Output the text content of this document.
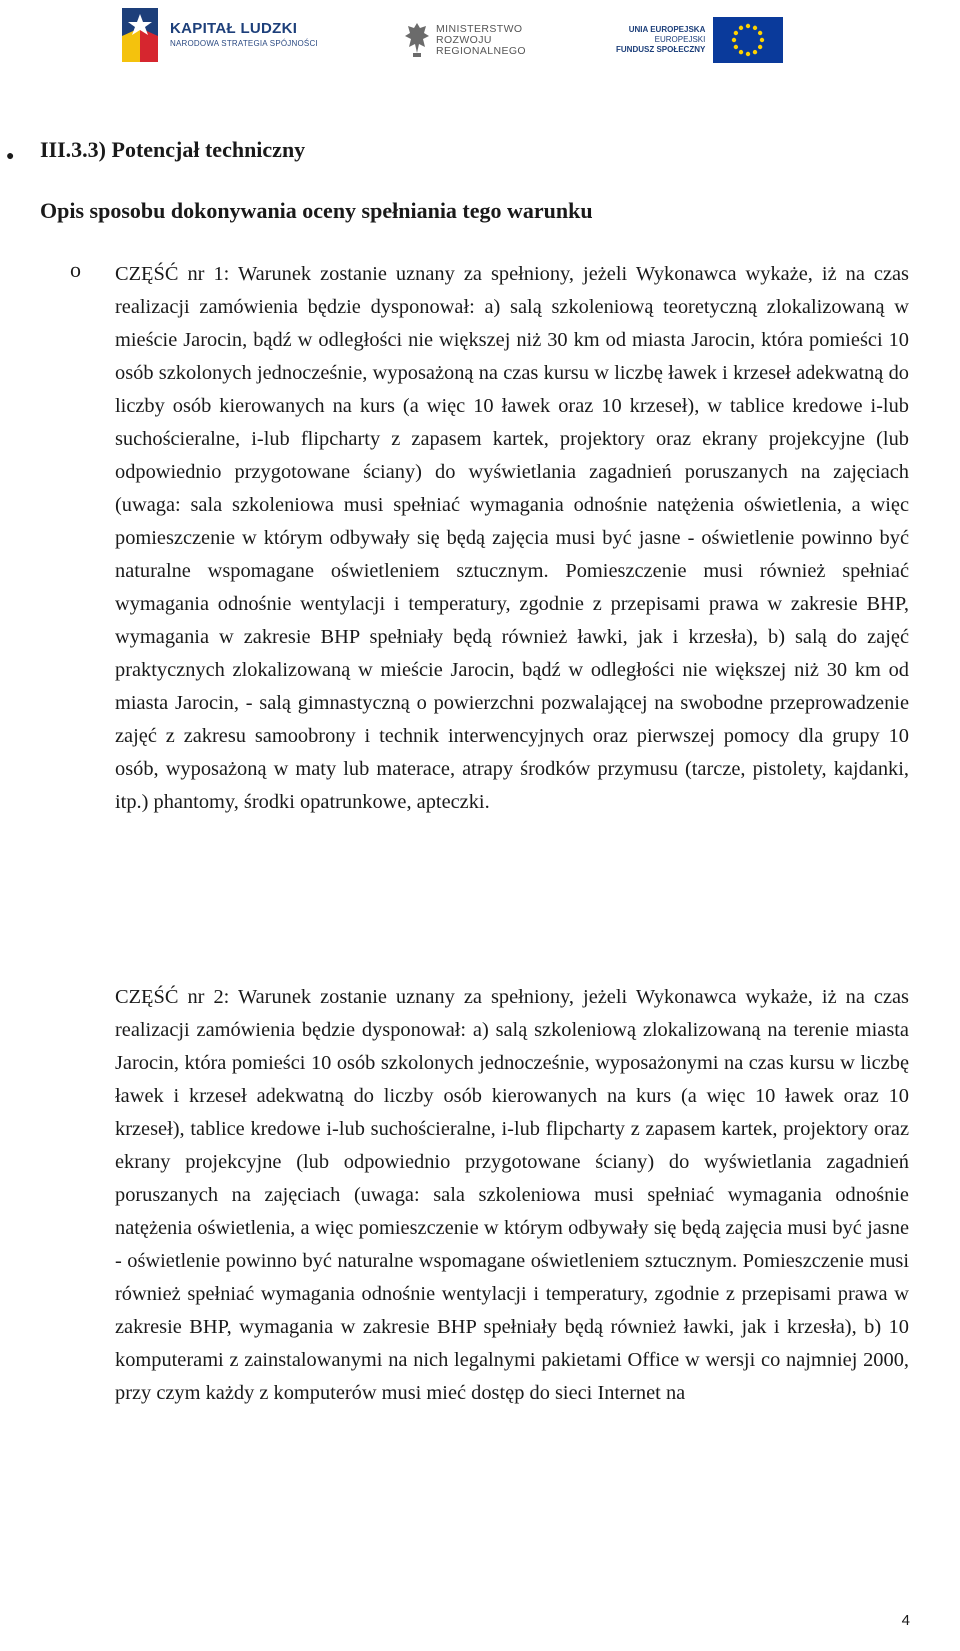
KAPITAŁ LUDZKI
NARODOWA STRATEGIA SPÓJNOŚCI
MINISTERSTWO
ROZWOJU
REGIONALNEGO
UNIA EUROPEJSKA
EUROPEJSKI
FUNDUSZ SPOŁECZNY
● III.3.3) Potencjał techniczny
Opis sposobu dokonywania oceny spełniania tego warunku
o CZĘŚĆ nr 1: Warunek zostanie uznany za spełniony, jeżeli Wykonawca wykaże, iż na czas realizacji zamówienia będzie dysponował: a) salą szkoleniową teoretyczną zlokalizowaną w mieście Jarocin, bądź w odległości nie większej niż 30 km od miasta Jarocin, która pomieści 10 osób szkolonych jednocześnie, wyposażoną na czas kursu w liczbę ławek i krzeseł adekwatną do liczby osób kierowanych na kurs (a więc 10 ławek oraz 10 krzeseł), w tablice kredowe i-lub suchościeralne, i-lub flipcharty z zapasem kartek, projektory oraz ekrany projekcyjne (lub odpowiednio przygotowane ściany) do wyświetlania zagadnień poruszanych na zajęciach (uwaga: sala szkoleniowa musi spełniać wymagania odnośnie natężenia oświetlenia, a więc pomieszczenie w którym odbywały się będą zajęcia musi być jasne - oświetlenie powinno być naturalne wspomagane oświetleniem sztucznym. Pomieszczenie musi również spełniać wymagania odnośnie wentylacji i temperatury, zgodnie z przepisami prawa w zakresie BHP, wymagania w zakresie BHP spełniały będą również ławki, jak i krzesła), b) salą do zajęć praktycznych zlokalizowaną w mieście Jarocin, bądź w odległości nie większej niż 30 km od miasta Jarocin, - salą gimnastyczną o powierzchni pozwalającej na swobodne przeprowadzenie zajęć z zakresu samoobrony i technik interwencyjnych oraz pierwszej pomocy dla grupy 10 osób, wyposażoną w maty lub materace, atrapy środków przymusu (tarcze, pistolety, kajdanki, itp.) phantomy, środki opatrunkowe, apteczki.

CZĘŚĆ nr 2: Warunek zostanie uznany za spełniony, jeżeli Wykonawca wykaże, iż na czas realizacji zamówienia będzie dysponował: a) salą szkoleniową zlokalizowaną na terenie miasta Jarocin, która pomieści 10 osób szkolonych jednocześnie, wyposażonymi na czas kursu w liczbę ławek i krzeseł adekwatną do liczby osób kierowanych na kurs (a więc 10 ławek oraz 10 krzeseł), tablice kredowe i-lub suchościeralne, i-lub flipcharty z zapasem kartek, projektory oraz ekrany projekcyjne (lub odpowiednio przygotowane ściany) do wyświetlania zagadnień poruszanych na zajęciach (uwaga: sala szkoleniowa musi spełniać wymagania odnośnie natężenia oświetlenia, a więc pomieszczenie w którym odbywały się będą zajęcia musi być jasne - oświetlenie powinno być naturalne wspomagane oświetleniem sztucznym. Pomieszczenie musi również spełniać wymagania odnośnie wentylacji i temperatury, zgodnie z przepisami prawa w zakresie BHP, wymagania w zakresie BHP spełniały będą również ławki, jak i krzesła), b) 10 komputerami z zainstalowanymi na nich legalnymi pakietami Office w wersji co najmniej 2000, przy czym każdy z komputerów musi mieć dostęp do sieci Internet na

4
